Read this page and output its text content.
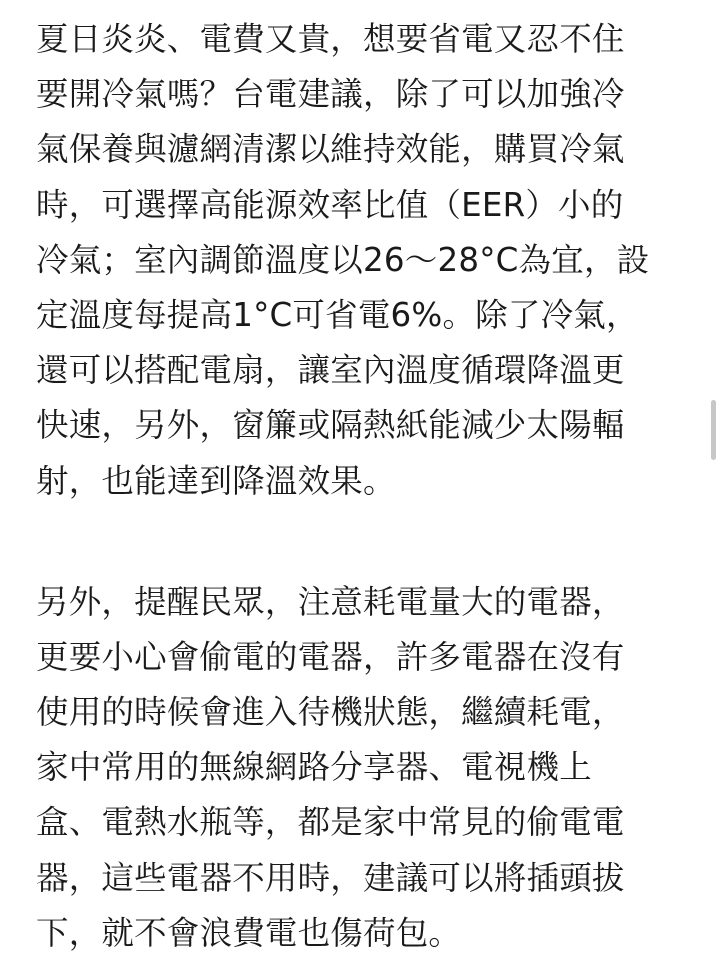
夏日炎炎、電費又貴，想要省電又忍不住
要開冷氣嗎？台電建議，除了可以加強冷
氣保養與濾網清潔以維持效能，購買冷氣
時，可選擇高能源效率比值（EER）小的
冷氣；室內調節溫度以26～28°C為宜，設
定溫度每提高1°C可省電6%。除了冷氣，
還可以搭配電扇，讓室內溫度循環降溫更
快速，另外，窗簾或隔熱紙能減少太陽輻
射，也能達到降溫效果。

另外，提醒民眾，注意耗電量大的電器，
更要小心會偷電的電器，許多電器在沒有
使用的時候會進入待機狀態，繼續耗電，
家中常用的無線網路分享器、電視機上
盒、電熱水瓶等，都是家中常見的偷電電
器，這些電器不用時，建議可以將插頭拔
下，就不會浪費電也傷荷包。
